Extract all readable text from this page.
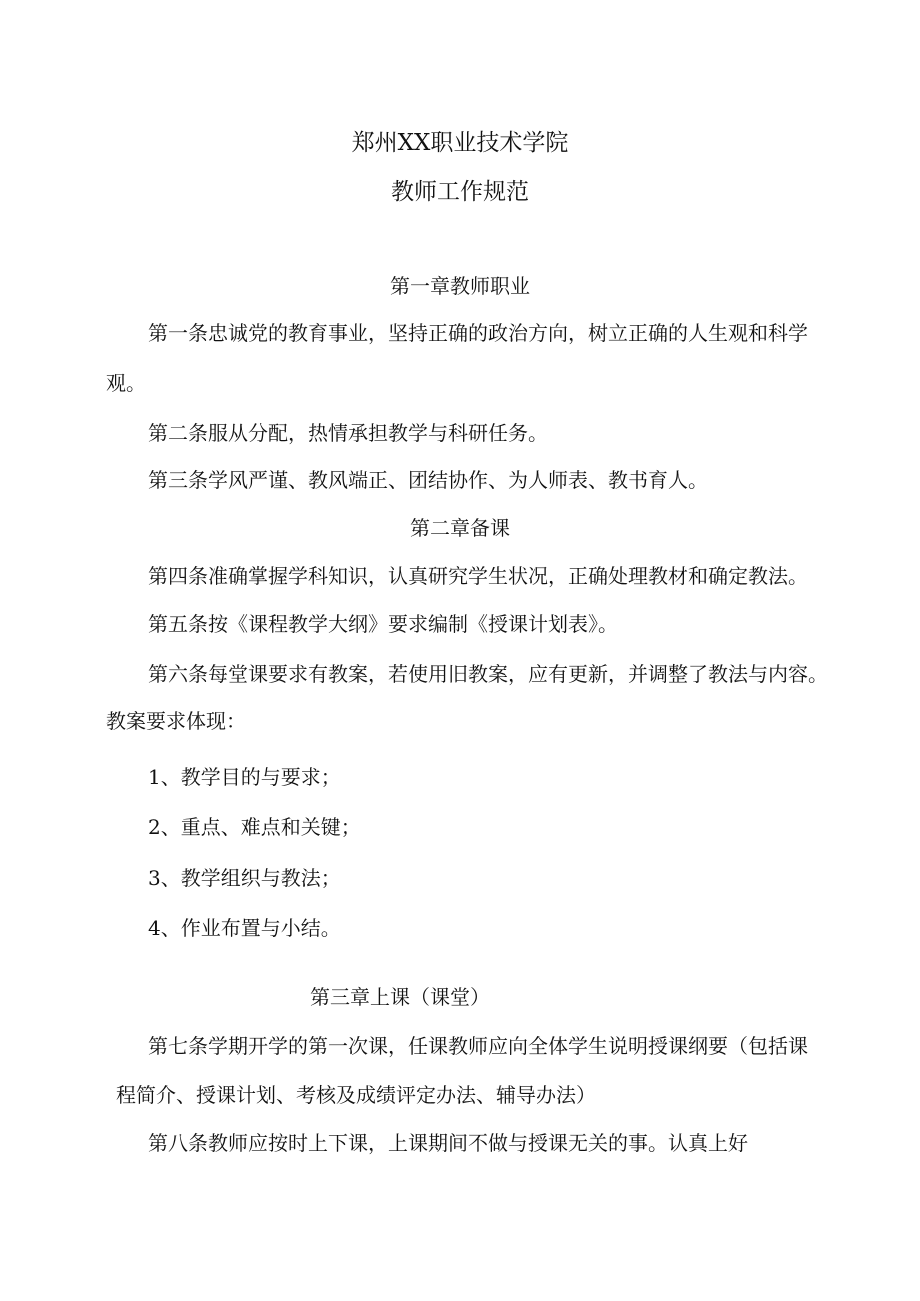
郑州XX职业技术学院

教师工作规范

第一章教师职业

第一条忠诚党的教育事业，坚持正确的政治方向，树立正确的人生观和科学

观。

第二条服从分配，热情承担教学与科研任务。

第三条学风严谨、教风端正、团结协作、为人师表、教书育人。

第二章备课

第四条准确掌握学科知识，认真研究学生状况，正确处理教材和确定教法。

第五条按《课程教学大纲》要求编制《授课计划表》。

第六条每堂课要求有教案，若使用旧教案，应有更新，并调整了教法与内容。

教案要求体现：

1、教学目的与要求；

2、重点、难点和关键；

3、教学组织与教法；

4、作业布置与小结。

第三章上课（课堂）

第七条学期开学的第一次课，任课教师应向全体学生说明授课纲要（包括课

程简介、授课计划、考核及成绩评定办法、辅导办法）

第八条教师应按时上下课，上课期间不做与授课无关的事。认真上好
